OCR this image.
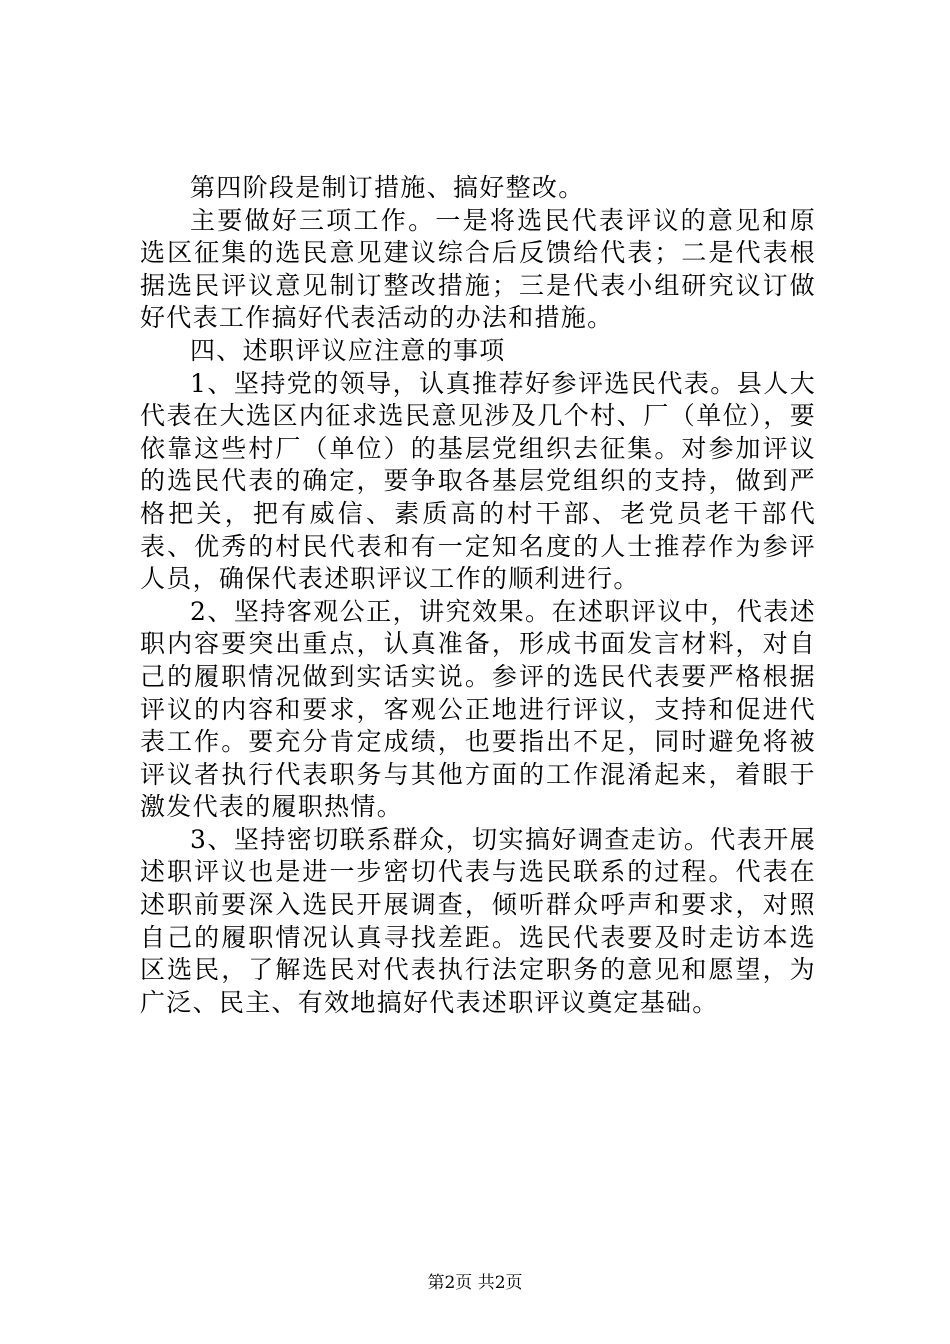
第四阶段是制订措施、搞好整改。

主要做好三项工作。一是将选民代表评议的意见和原选区征集的选民意见建议综合后反馈给代表；二是代表根据选民评议意见制订整改措施；三是代表小组研究议订做好代表工作搞好代表活动的办法和措施。

四、述职评议应注意的事项

1、坚持党的领导，认真推荐好参评选民代表。县人大代表在大选区内征求选民意见涉及几个村、厂（单位），要依靠这些村厂（单位）的基层党组织去征集。对参加评议的选民代表的确定，要争取各基层党组织的支持，做到严格把关，把有威信、素质高的村干部、老党员老干部代表、优秀的村民代表和有一定知名度的人士推荐作为参评人员，确保代表述职评议工作的顺利进行。

2、坚持客观公正，讲究效果。在述职评议中，代表述职内容要突出重点，认真准备，形成书面发言材料，对自己的履职情况做到实话实说。参评的选民代表要严格根据评议的内容和要求，客观公正地进行评议，支持和促进代表工作。要充分肯定成绩，也要指出不足，同时避免将被评议者执行代表职务与其他方面的工作混淆起来，着眼于激发代表的履职热情。

3、坚持密切联系群众，切实搞好调查走访。代表开展述职评议也是进一步密切代表与选民联系的过程。代表在述职前要深入选民开展调查，倾听群众呼声和要求，对照自己的履职情况认真寻找差距。选民代表要及时走访本选区选民，了解选民对代表执行法定职务的意见和愿望，为广泛、民主、有效地搞好代表述职评议奠定基础。

第2页 共2页
